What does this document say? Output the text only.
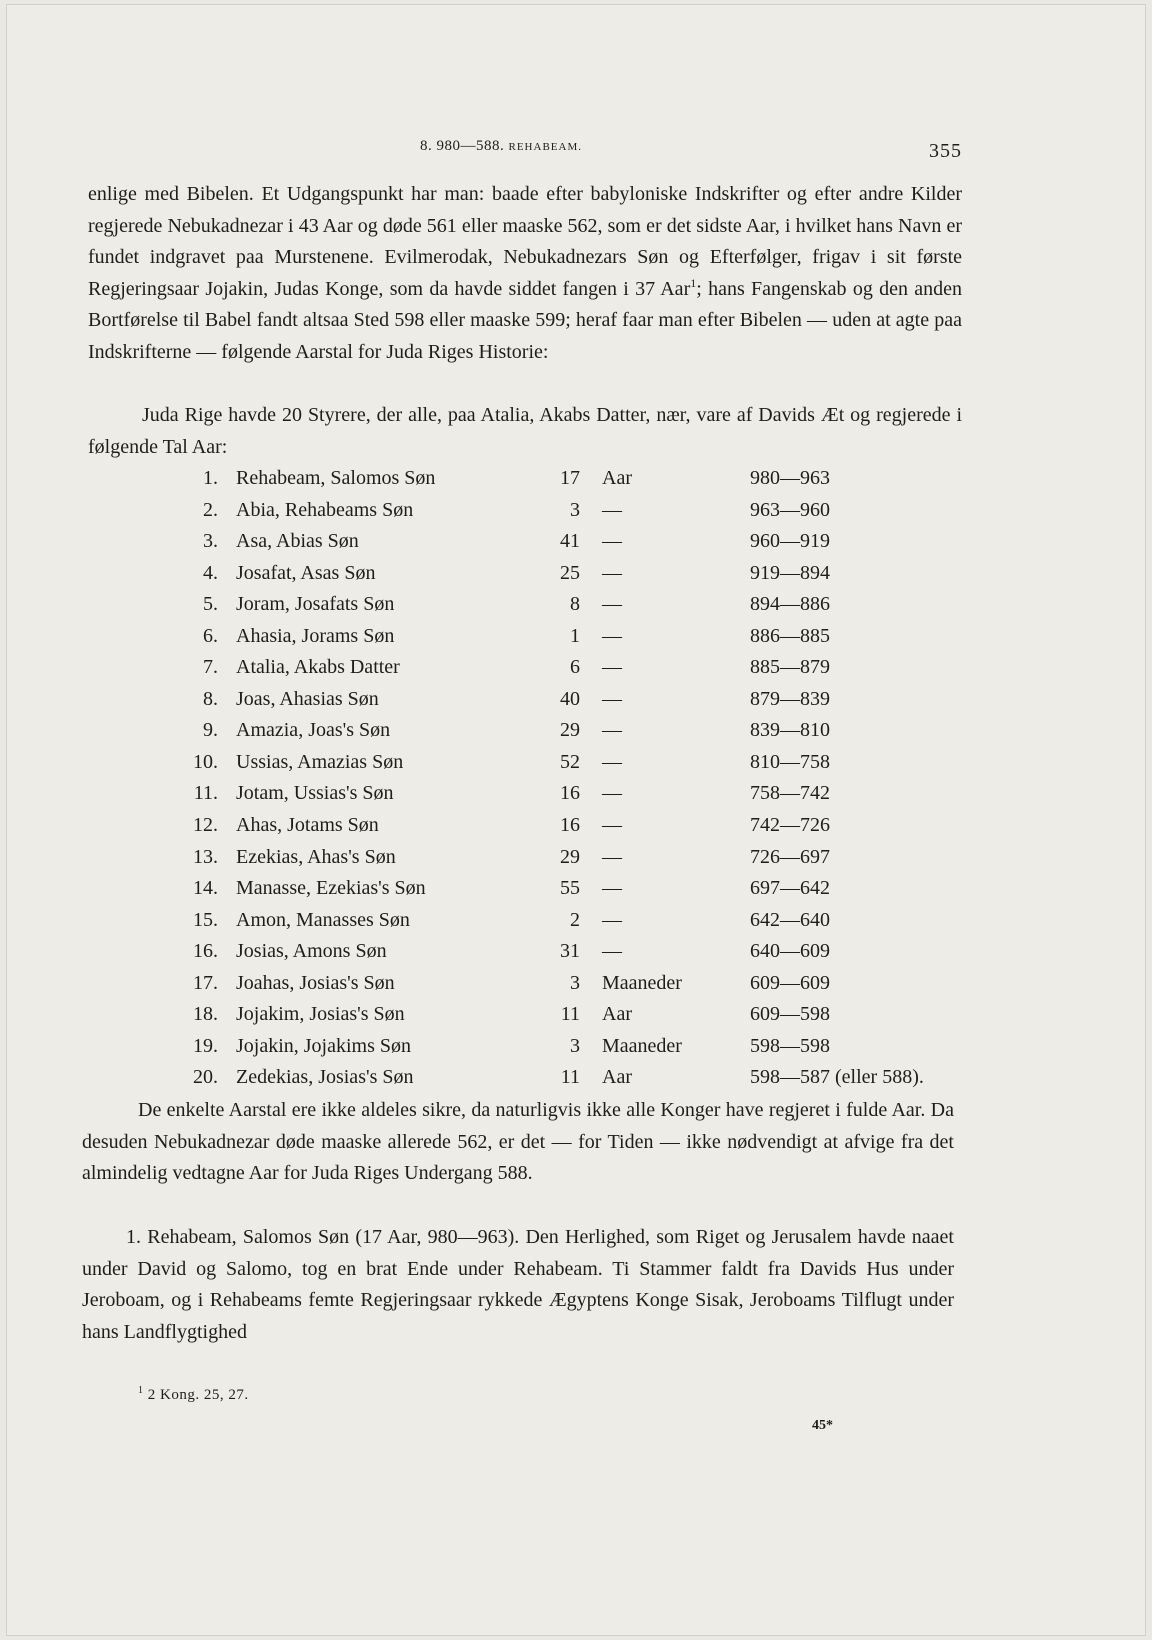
8. 980—588. REHABEAM.	355

enlige med Bibelen. Et Udgangspunkt har man: baade efter babyloniske Indskrifter og efter andre Kilder regjerede Nebukadnezar i 43 Aar og døde 561 eller maaske 562, som er det sidste Aar, i hvilket hans Navn er fundet indgravet paa Murstenene. Evilmerodak, Nebukadnezars Søn og Efterfølger, frigav i sit første Regjeringsaar Jojakin, Judas Konge, som da havde siddet fangen i 37 Aar$^1$; hans Fangenskab og den anden Bortførelse til Babel fandt altsaa Sted 598 eller maaske 599; heraf faar man efter Bibelen — uden at agte paa Indskrifterne — følgende Aarstal for Juda Riges Historie:

Juda Rige havde 20 Styrere, der alle, paa Atalia, Akabs Datter, nær, vare af Davids Æt og regjerede i følgende Tal Aar:

1. Rehabeam, Salomos Søn	17 Aar	980—963
2. Abia, Rehabeams Søn	3 —	963—960
3. Asa, Abias Søn	41 —	960—919
4. Josafat, Asas Søn	25 —	919—894
5. Joram, Josafats Søn	8 —	894—886
6. Ahasia, Jorams Søn	1 —	886—885
7. Atalia, Akabs Datter	6 —	885—879
8. Joas, Ahasias Søn	40 —	879—839
9. Amazia, Joas's Søn	29 —	839—810
10. Ussias, Amazias Søn	52 —	810—758
11. Jotam, Ussias's Søn	16 —	758—742
12. Ahas, Jotams Søn	16 —	742—726
13. Ezekias, Ahas's Søn	29 —	726—697
14. Manasse, Ezekias's Søn	55 —	697—642
15. Amon, Manasses Søn	2 —	642—640
16. Josias, Amons Søn	31 —	640—609
17. Joahas, Josias's Søn	3 Maaneder	609—609
18. Jojakim, Josias's Søn	11 Aar	609—598
19. Jojakin, Jojakims Søn	3 Maaneder	598—598
20. Zedekias, Josias's Søn	11 Aar	598—587 (eller 588).

De enkelte Aarstal ere ikke aldeles sikre, da naturligvis ikke alle Konger have regjeret i fulde Aar. Da desuden Nebukadnezar døde maaske allerede 562, er det — for Tiden — ikke nødvendigt at afvige fra det almindelig vedtagne Aar for Juda Riges Undergang 588.

1. Rehabeam, Salomos Søn (17 Aar, 980—963). Den Herlighed, som Riget og Jerusalem havde naaet under David og Salomo, tog en brat Ende under Rehabeam. Ti Stammer faldt fra Davids Hus under Jeroboam, og i Rehabeams femte Regjeringsaar rykkede Ægyptens Konge Sisak, Jeroboams Tilflugt under hans Landflygtighed

$^1$ 2 Kong. 25, 27.
45*
